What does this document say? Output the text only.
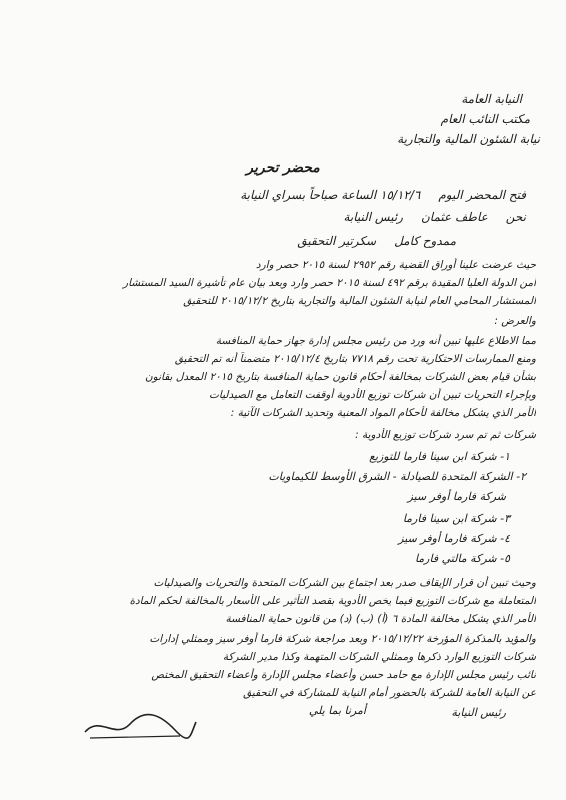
النيابة العامة
مكتب النائب العام
نيابة الشئون المالية والتجارية
محضر تحرير
فتح المحضر اليوم
١٥/١٢/٦ الساعة صباحاً بسراي النيابة
نحن
عاطف عثمان
رئيس النيابة
ممدوح كامل
سكرتير التحقيق
حيث عرضت علينا أوراق القضية رقم ٢٩٥٢ لسنة ٢٠١٥ حصر وارد
أمن الدولة العليا المقيدة برقم ٤٩٢ لسنة ٢٠١٥ حصر وارد وبعد بيان عام تأشيرة السيد المستشار
المستشار المحامي العام لنيابة الشئون المالية والتجارية بتاريخ ٢٠١٥/١٢/٢ للتحقيق
والعرض :
مما الاطلاع عليها تبين أنه ورد من رئيس مجلس إدارة جهاز حماية المنافسة
ومنع الممارسات الاحتكارية تحت رقم ٧٧١٨ بتاريخ ٢٠١٥/١٢/٤ متضمناً أنه تم التحقيق
بشأن قيام بعض الشركات بمخالفة أحكام قانون حماية المنافسة بتاريخ ٢٠١٥ المعدل بقانون
وبإجراء التحريات تبين أن شركات توزيع الأدوية أوقفت التعامل مع الصيدليات
الأمر الذي يشكل مخالفة لأحكام المواد المعنية وتحديد الشركات الآتية :
شركات ثم تم سرد شركات توزيع الأدوية :
١- شركة ابن سينا فارما للتوزيع
٢- الشركة المتحدة للصيادلة - الشرق الأوسط للكيماويات
شركة فارما أوفر سيز
٣- شركة ابن سينا فارما
٤- شركة فارما أوفر سيز
٥- شركة مالتي فارما
وحيث تبين أن قرار الإيقاف صدر بعد اجتماع بين الشركات المتحدة والتحريات والصيدليات
المتعاملة مع شركات التوزيع فيما يخص الأدوية بقصد التأثير على الأسعار بالمخالفة لحكم المادة
الأمر الذي يشكل مخالفة المادة ٦ (أ) (ب) (د) من قانون حماية المنافسة
والمؤيد بالمذكرة المؤرخة ٢٠١٥/١٢/٢٢ وبعد مراجعة شركة فارما أوفر سيز وممثلي إدارات
شركات التوزيع الوارد ذكرها وممثلي الشركات المتهمة وكذا مدير الشركة
نائب رئيس مجلس الإدارة مع حامد حسن وأعضاء مجلس الإدارة وأعضاء التحقيق المختص
عن النيابة العامة للشركة بالحضور أمام النيابة للمشاركة في التحقيق
أمرنا بما يلي	رئيس النيابة
